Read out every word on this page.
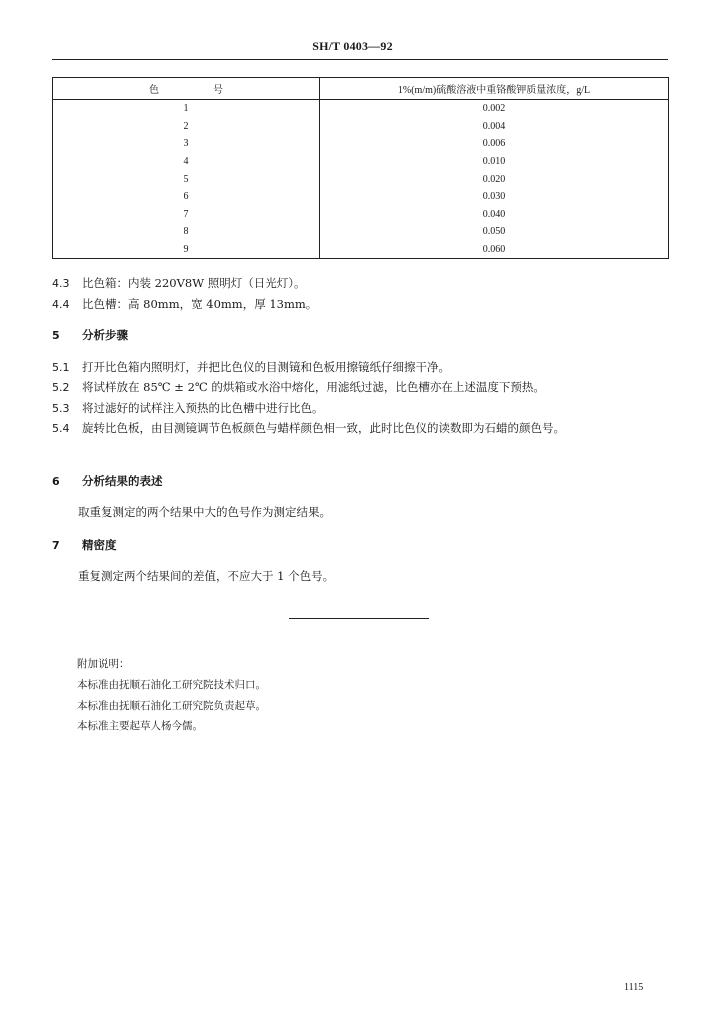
SH/T 0403—92
色　号	1%(m/m)硫酸溶液中重铬酸钾质量浓度，g/L
1	0.002
2	0.004
3	0.006
4	0.010
5	0.020
6	0.030
7	0.040
8	0.050
9	0.060
4.3 比色箱：内装 220V8W 照明灯（日光灯）。
4.4 比色槽：高 80mm，宽 40mm，厚 13mm。
5 分析步骤
5.1 打开比色箱内照明灯，并把比色仪的目测镜和色板用擦镜纸仔细擦干净。
5.2 将试样放在 85℃ ± 2℃ 的烘箱或水浴中熔化，用滤纸过滤，比色槽亦在上述温度下预热。
5.3 将过滤好的试样注入预热的比色槽中进行比色。
5.4 旋转比色板，由目测镜调节色板颜色与蜡样颜色相一致，此时比色仪的读数即为石蜡的颜色号。
6 分析结果的表述
取重复测定的两个结果中大的色号作为测定结果。
7 精密度
重复测定两个结果间的差值，不应大于 1 个色号。
附加说明：
本标准由抚顺石油化工研究院技术归口。
本标准由抚顺石油化工研究院负责起草。
本标准主要起草人杨今儒。
1115
